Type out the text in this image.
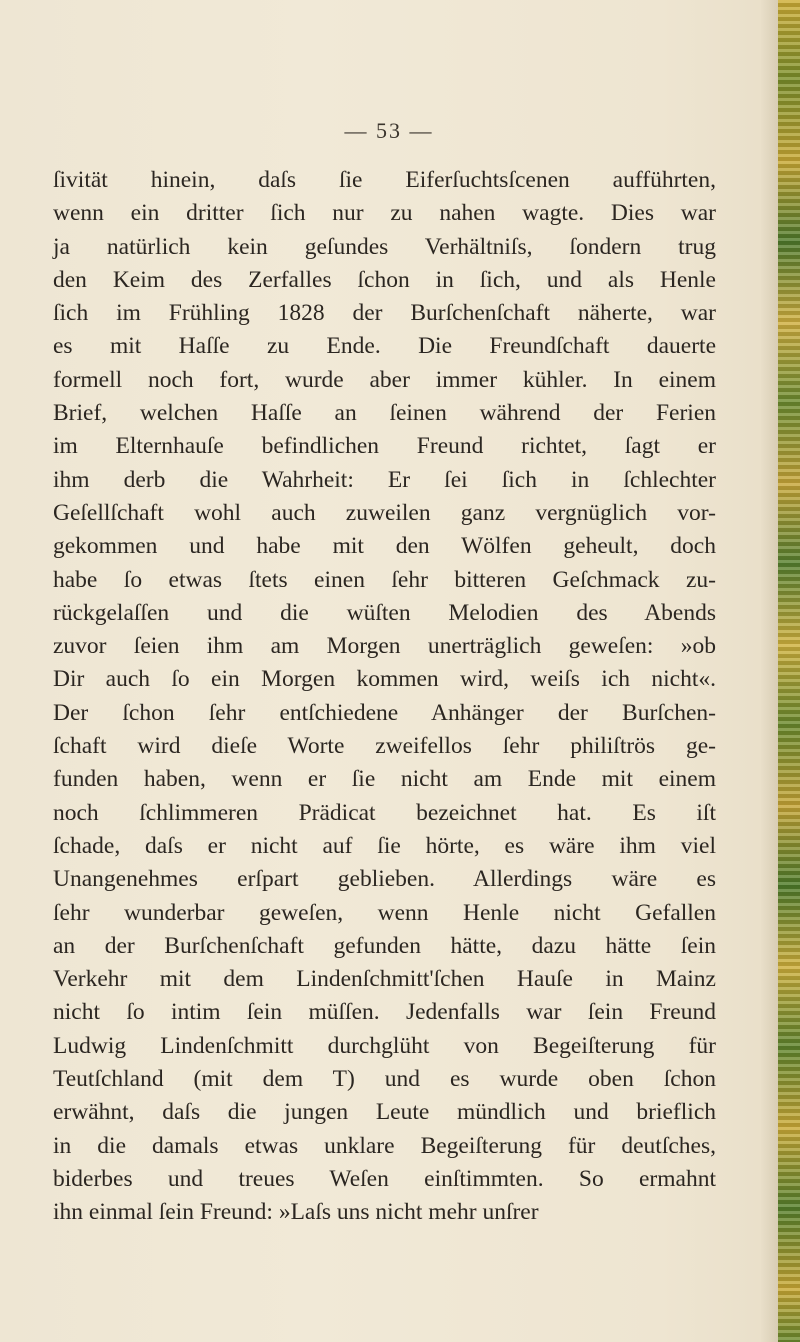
— 53 —
ſivität hinein, daſs ſie Eiferſuchtsſcenen aufführten,
wenn ein dritter ſich nur zu nahen wagte. Dies war
ja natürlich kein geſundes Verhältniſs, ſondern trug
den Keim des Zerfalles ſchon in ſich, und als Henle
ſich im Frühling 1828 der Burſchenſchaft näherte, war
es mit Haſſe zu Ende. Die Freundſchaft dauerte
formell noch fort, wurde aber immer kühler. In einem
Brief, welchen Haſſe an ſeinen während der Ferien
im Elternhauſe befindlichen Freund richtet, ſagt er
ihm derb die Wahrheit: Er ſei ſich in ſchlechter
Geſellſchaft wohl auch zuweilen ganz vergnüglich vor-
gekommen und habe mit den Wölfen geheult, doch
habe ſo etwas ſtets einen ſehr bitteren Geſchmack zu-
rückgelaſſen und die wüſten Melodien des Abends
zuvor ſeien ihm am Morgen unerträglich geweſen: »ob
Dir auch ſo ein Morgen kommen wird, weiſs ich nicht«.
Der ſchon ſehr entſchiedene Anhänger der Burſchen-
ſchaft wird dieſe Worte zweifellos ſehr philiſtrös ge-
funden haben, wenn er ſie nicht am Ende mit einem
noch ſchlimmeren Prädicat bezeichnet hat. Es iſt
ſchade, daſs er nicht auf ſie hörte, es wäre ihm viel
Unangenehmes erſpart geblieben. Allerdings wäre es
ſehr wunderbar geweſen, wenn Henle nicht Gefallen
an der Burſchenſchaft gefunden hätte, dazu hätte ſein
Verkehr mit dem Lindenſchmitt'ſchen Hauſe in Mainz
nicht ſo intim ſein müſſen. Jedenfalls war ſein Freund
Ludwig Lindenſchmitt durchglüht von Begeiſterung für
Teutſchland (mit dem T) und es wurde oben ſchon
erwähnt, daſs die jungen Leute mündlich und brieflich
in die damals etwas unklare Begeiſterung für deutſches,
biderbes und treues Weſen einſtimmten. So ermahnt
ihn einmal ſein Freund: »Laſs uns nicht mehr unſrer
